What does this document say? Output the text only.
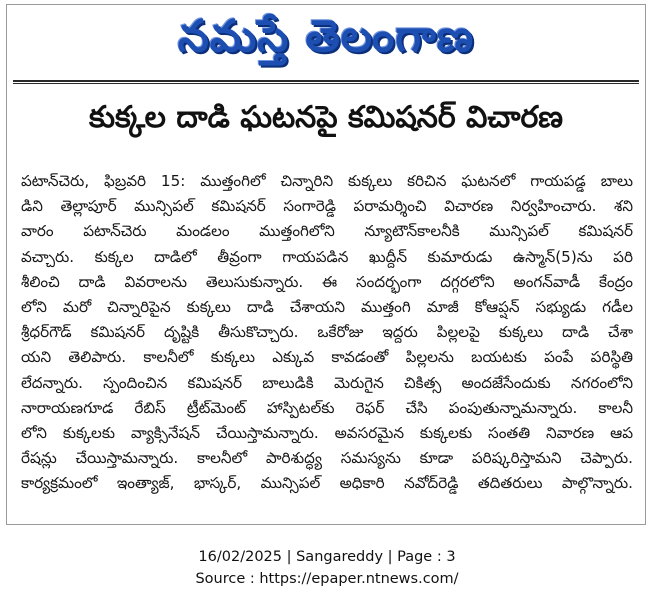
నమస్తే తెలంగాణ
కుక్కల దాడి ఘటనపై కమిషనర్ విచారణ

పటాన్‌చెరు, ఫిబ్రవరి 15: ముత్తంగిలో చిన్నారిని కుక్కలు కరిచిన ఘటనలో గాయపడ్డ బాలు

డిని తెల్లాపూర్ మున్సిపల్ కమిషనర్ సంగారెడ్డి పరామర్శించి విచారణ నిర్వహించారు. శని

వారం పటాన్‌చెరు మండలం ముత్తంగిలోని న్యూటౌన్‌కాలనీకి మున్సిపల్ కమిషనర్

వచ్చారు. కుక్కల దాడిలో తీవ్రంగా గాయపడిన ఖుద్దీన్ కుమారుడు ఉస్మాన్(5)ను పరి

శీలించి దాడి వివరాలను తెలుసుకున్నారు. ఈ సందర్భంగా దగ్గరలోని అంగన్‌వాడీ కేంద్రం

లోని మరో చిన్నారిపైన కుక్కలు దాడి చేశాయని ముత్తంగి మాజీ కోఆప్షన్ సభ్యుడు గడీల

శ్రీధర్‌గౌడ్ కమిషనర్ దృష్టికి తీసుకొచ్చారు. ఒకేరోజు ఇద్దరు పిల్లలపై కుక్కలు దాడి చేశా

యని తెలిపారు. కాలనీలో కుక్కలు ఎక్కువ కావడంతో పిల్లలను బయటకు పంపే పరిస్థితి

లేదన్నారు. స్పందించిన కమిషనర్ బాలుడికి మెరుగైన చికిత్స అందజేసేందుకు నగరంలోని

నారాయణగూడ రేబిస్ ట్రీట్‌మెంట్ హాస్పిటల్‌కు రెఫర్ చేసి పంపుతున్నామన్నారు. కాలనీ

లోని కుక్కలకు వ్యాక్సినేషన్ చేయిస్తామన్నారు. అవసరమైన కుక్కలకు సంతతి నివారణ ఆప

రేషన్లు చేయిస్తామన్నారు. కాలనీలో పారిశుద్ధ్య సమస్యను కూడా పరిష్కరిస్తామని చెప్పారు.

కార్యక్రమంలో ఇంత్యాజ్, భాస్కర్, మున్సిపల్ అధికారి నవోద్‌రెడ్డి తదితరులు పాల్గొన్నారు.

16/02/2025 | Sangareddy | Page : 3
Source : https://epaper.ntnews.com/
